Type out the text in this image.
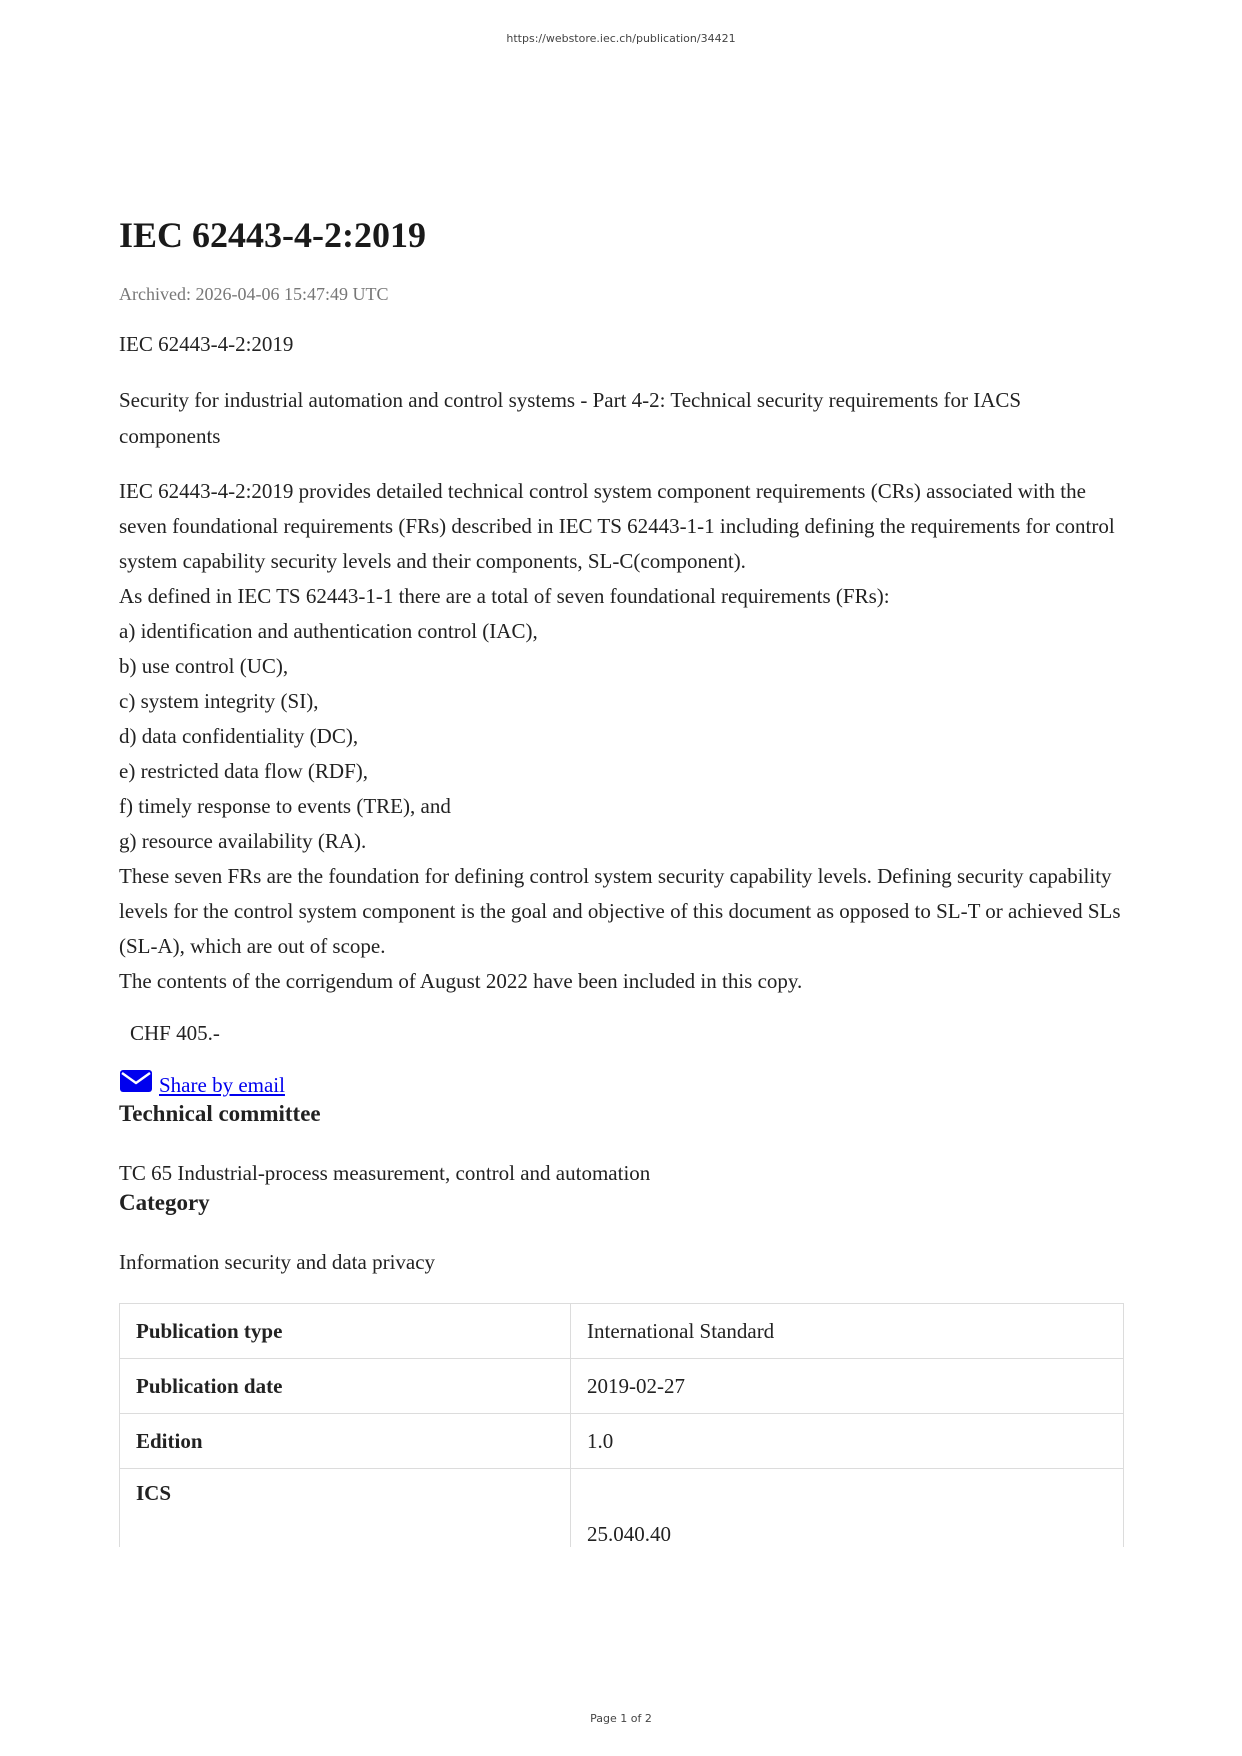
https://webstore.iec.ch/publication/34421
IEC 62443-4-2:2019
Archived: 2026-04-06 15:47:49 UTC
IEC 62443-4-2:2019
Security for industrial automation and control systems - Part 4-2: Technical security requirements for IACS components

IEC 62443-4-2:2019 provides detailed technical control system component requirements (CRs) associated with the seven foundational requirements (FRs) described in IEC TS 62443-1-1 including defining the requirements for control system capability security levels and their components, SL-C(component).

As defined in IEC TS 62443-1-1 there are a total of seven foundational requirements (FRs):

a) identification and authentication control (IAC),

b) use control (UC),

c) system integrity (SI),

d) data confidentiality (DC),

e) restricted data flow (RDF),

f) timely response to events (TRE), and

g) resource availability (RA).

These seven FRs are the foundation for defining control system security capability levels. Defining security capability levels for the control system component is the goal and objective of this document as opposed to SL-T or achieved SLs (SL-A), which are out of scope.

The contents of the corrigendum of August 2022 have been included in this copy.

CHF 405.-
Share by email
Technical committee
TC 65 Industrial-process measurement, control and automation
Category
Information security and data privacy
Publication type	International Standard
Publication date	2019-02-27
Edition	1.0
ICS	25.040.40
Page 1 of 2
